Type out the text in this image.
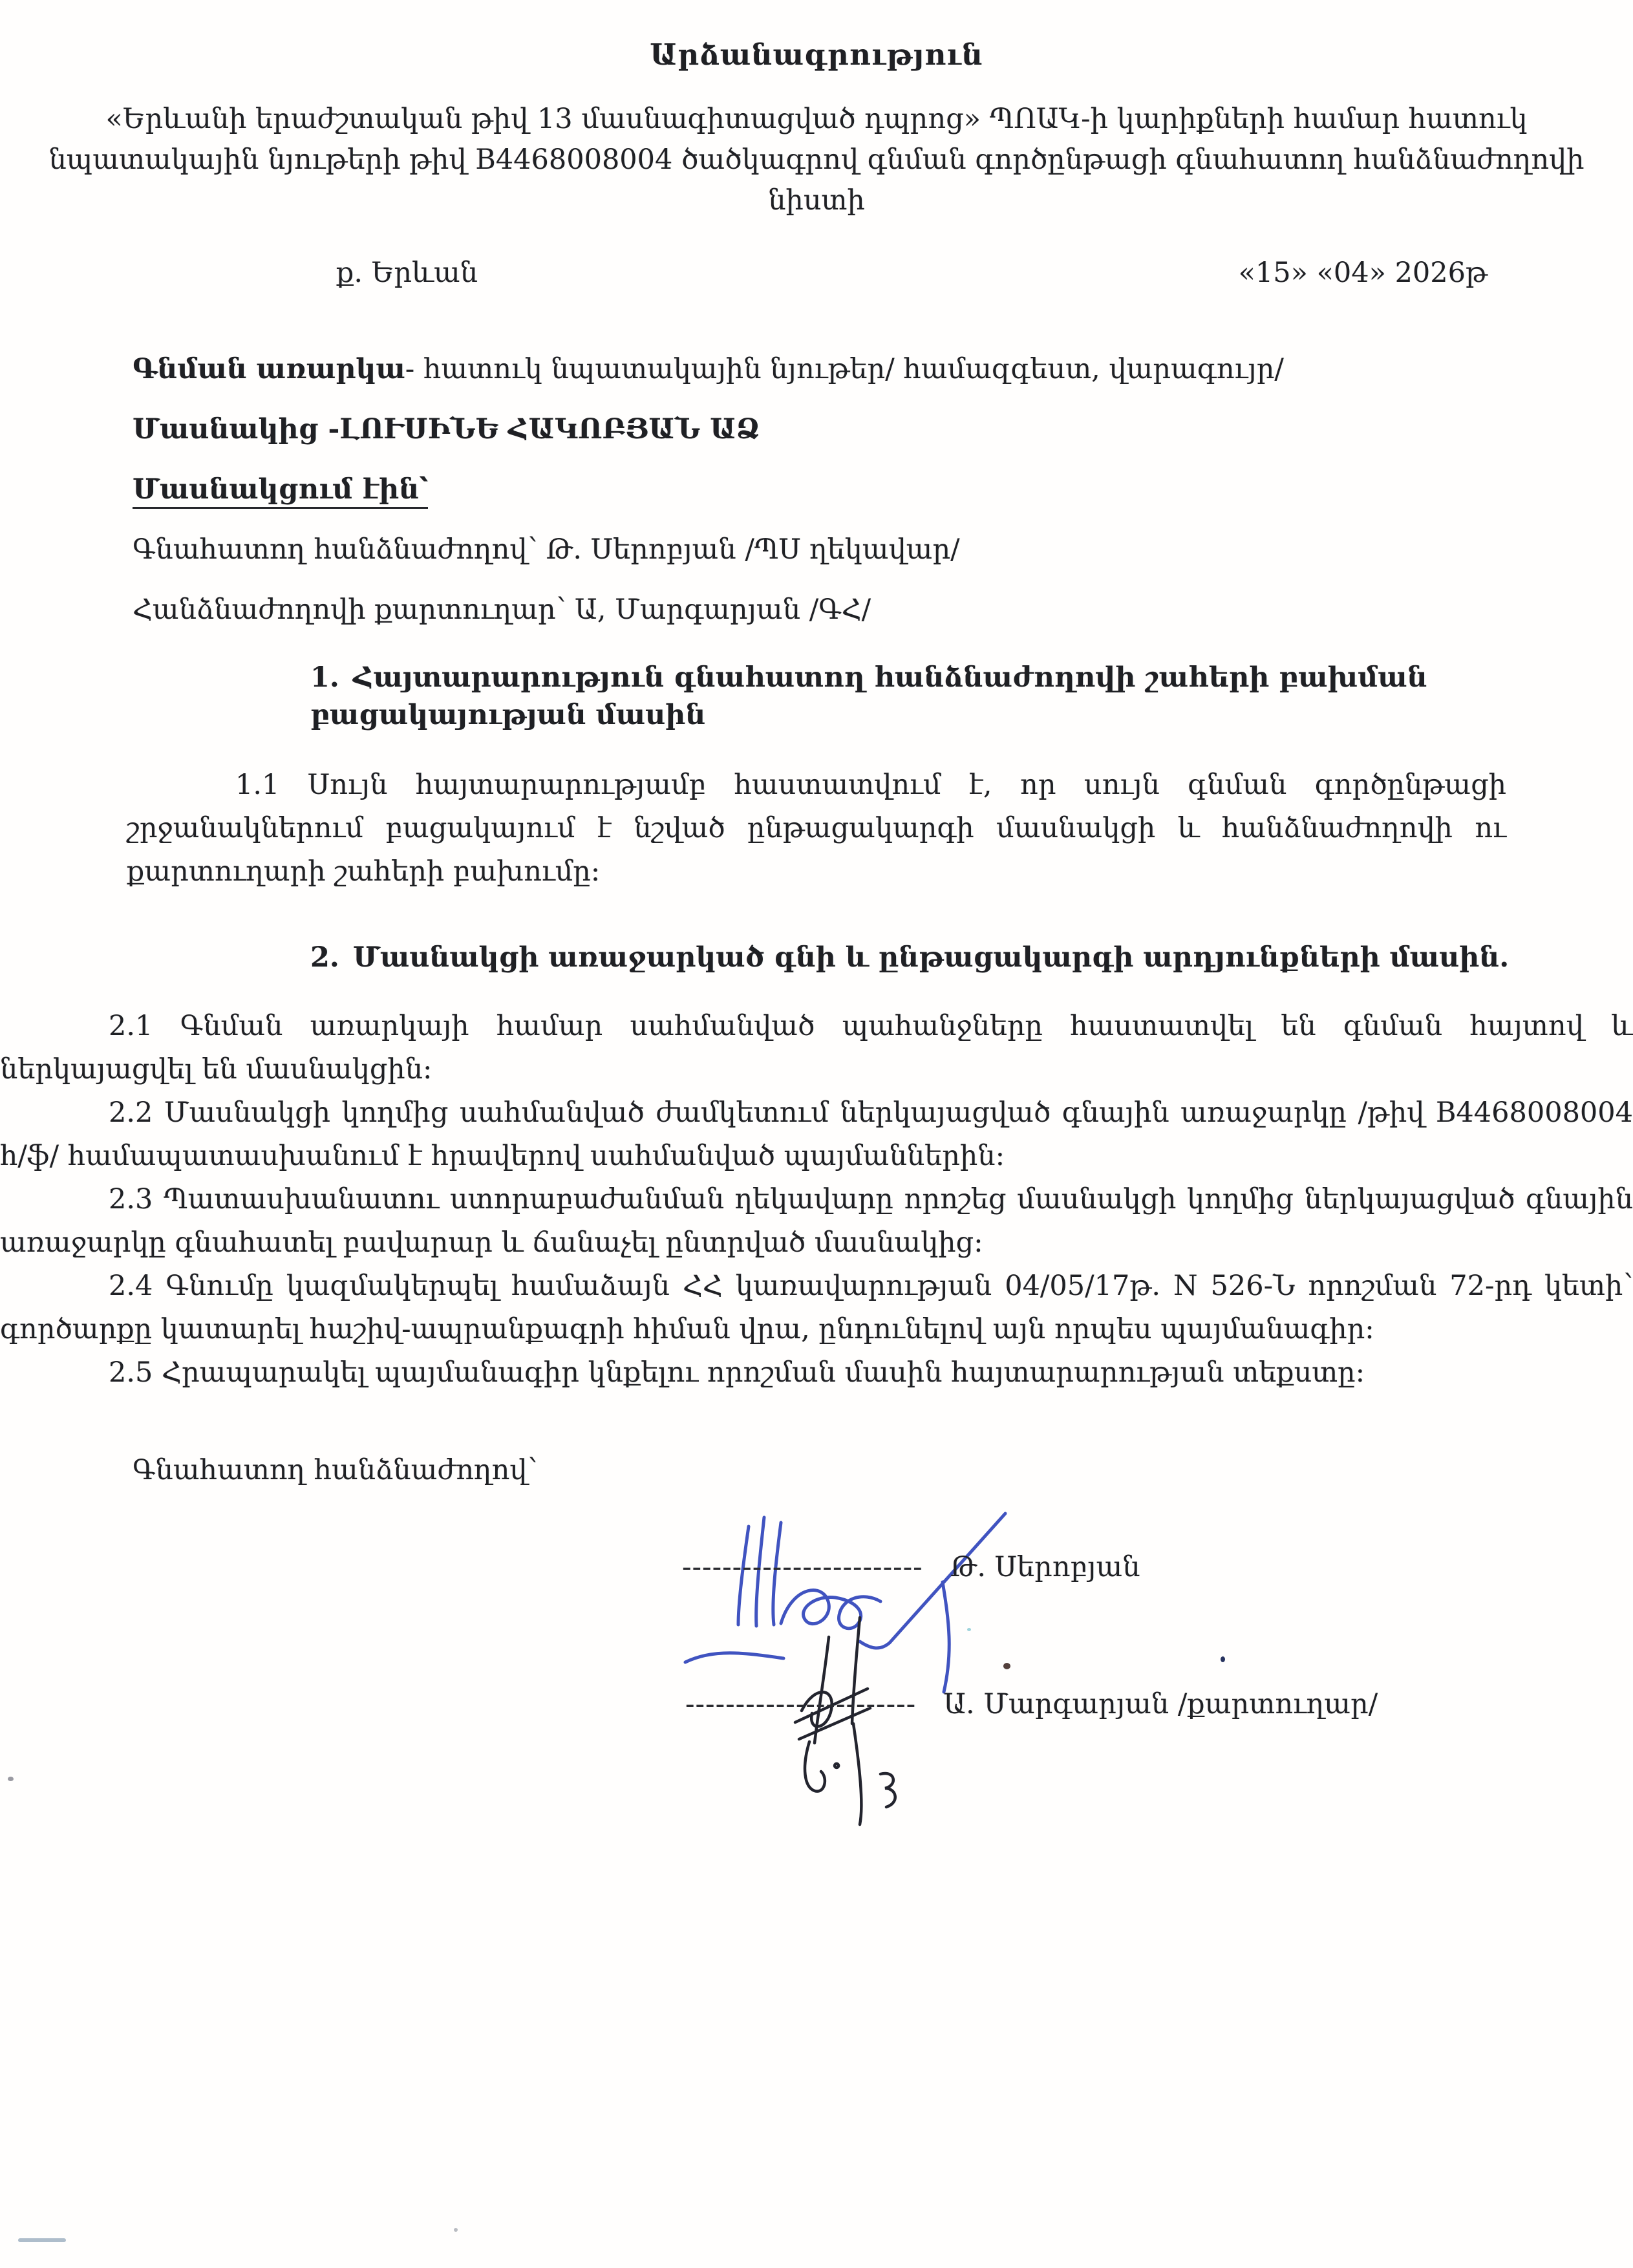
Արձանագրություն
«Երևանի երաժշտական թիվ 13 մասնագիտացված դպրոց» ՊՈԱԿ-ի կարիքների համար հատուկ
նպատակային նյութերի թիվ B4468008004 ծածկագրով գնման գործընթացի գնահատող հանձնաժողովի նիստի
ք. Երևան	«15» «04» 2026թ
Գնման առարկա- հատուկ նպատակային նյութեր/ համազգեստ, վարագույր/
Մասնակից -ԼՈՒՍԻՆԵ ՀԱԿՈԲՅԱՆ ԱՁ
Մասնակցում էին՝
Գնահատող հանձնաժողով՝ Թ. Սերոբյան /ՊՍ ղեկավար/
Հանձնաժողովի քարտուղար՝ Ա, Մարգարյան /ԳՀ/
1. Հայտարարություն գնահատող հանձնաժողովի շահերի բախման բացակայության մասին
1.1 Սույն հայտարարությամբ հաստատվում է, որ սույն գնման գործընթացի շրջանակներում բացակայում է նշված ընթացակարգի մասնակցի և հանձնաժողովի ու քարտուղարի շահերի բախումը:
2. Մասնակցի առաջարկած գնի և ընթացակարգի արդյունքների մասին.

2.1 Գնման առարկայի համար սահմանված պահանջները հաստատվել են գնման հայտով և ներկայացվել են մասնակցին:

2.2 Մասնակցի կողմից սահմանված ժամկետում ներկայացված գնային առաջարկը /թիվ B4468008004 հ/ֆ/ համապատասխանում է հրավերով սահմանված պայմաններին:

2.3 Պատասխանատու ստորաբաժանման ղեկավարը որոշեց մասնակցի կողմից ներկայացված գնային առաջարկը գնահատել բավարար և ճանաչել ընտրված մասնակից:

2.4 Գնումը կազմակերպել համաձայն ՀՀ կառավարության 04/05/17թ. N 526-Ն որոշման 72-րդ կետի՝ գործարքը կատարել հաշիվ-ապրանքագրի հիման վրա, ընդունելով այն որպես պայմանագիր:

2.5 Հրապարակել պայմանագիր կնքելու որոշման մասին հայտարարության տեքստը:

Գնահատող հանձնաժողով՝
------------------------ Թ. Սերոբյան
----------------------- Ա. Մարգարյան /քարտուղար/
